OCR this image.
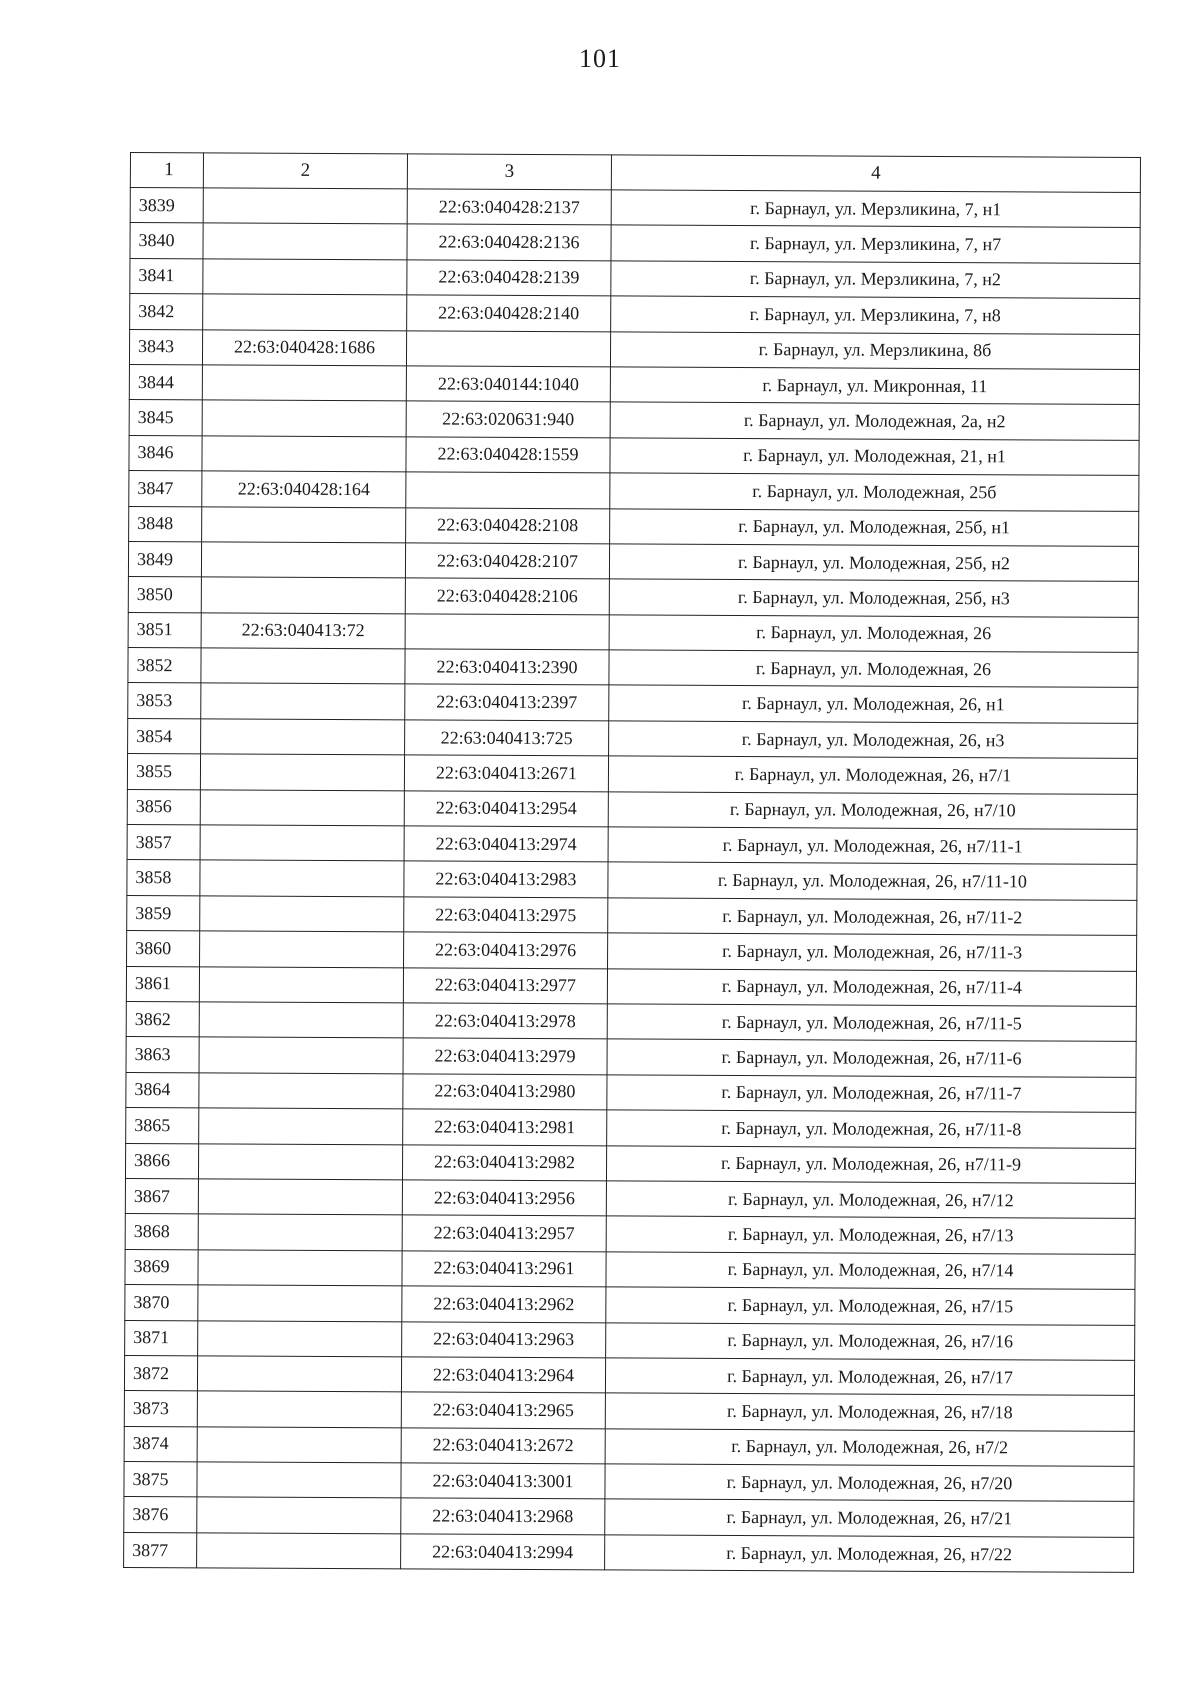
101
1	2	3	4
3839		22:63:040428:2137	г. Барнаул, ул. Мерзликина, 7, н1
3840		22:63:040428:2136	г. Барнаул, ул. Мерзликина, 7, н7
3841		22:63:040428:2139	г. Барнаул, ул. Мерзликина, 7, н2
3842		22:63:040428:2140	г. Барнаул, ул. Мерзликина, 7, н8
3843	22:63:040428:1686		г. Барнаул, ул. Мерзликина, 8б
3844		22:63:040144:1040	г. Барнаул, ул. Микронная, 11
3845		22:63:020631:940	г. Барнаул, ул. Молодежная, 2а, н2
3846		22:63:040428:1559	г. Барнаул, ул. Молодежная, 21, н1
3847	22:63:040428:164		г. Барнаул, ул. Молодежная, 25б
3848		22:63:040428:2108	г. Барнаул, ул. Молодежная, 25б, н1
3849		22:63:040428:2107	г. Барнаул, ул. Молодежная, 25б, н2
3850		22:63:040428:2106	г. Барнаул, ул. Молодежная, 25б, н3
3851	22:63:040413:72		г. Барнаул, ул. Молодежная, 26
3852		22:63:040413:2390	г. Барнаул, ул. Молодежная, 26
3853		22:63:040413:2397	г. Барнаул, ул. Молодежная, 26, н1
3854		22:63:040413:725	г. Барнаул, ул. Молодежная, 26, н3
3855		22:63:040413:2671	г. Барнаул, ул. Молодежная, 26, н7/1
3856		22:63:040413:2954	г. Барнаул, ул. Молодежная, 26, н7/10
3857		22:63:040413:2974	г. Барнаул, ул. Молодежная, 26, н7/11-1
3858		22:63:040413:2983	г. Барнаул, ул. Молодежная, 26, н7/11-10
3859		22:63:040413:2975	г. Барнаул, ул. Молодежная, 26, н7/11-2
3860		22:63:040413:2976	г. Барнаул, ул. Молодежная, 26, н7/11-3
3861		22:63:040413:2977	г. Барнаул, ул. Молодежная, 26, н7/11-4
3862		22:63:040413:2978	г. Барнаул, ул. Молодежная, 26, н7/11-5
3863		22:63:040413:2979	г. Барнаул, ул. Молодежная, 26, н7/11-6
3864		22:63:040413:2980	г. Барнаул, ул. Молодежная, 26, н7/11-7
3865		22:63:040413:2981	г. Барнаул, ул. Молодежная, 26, н7/11-8
3866		22:63:040413:2982	г. Барнаул, ул. Молодежная, 26, н7/11-9
3867		22:63:040413:2956	г. Барнаул, ул. Молодежная, 26, н7/12
3868		22:63:040413:2957	г. Барнаул, ул. Молодежная, 26, н7/13
3869		22:63:040413:2961	г. Барнаул, ул. Молодежная, 26, н7/14
3870		22:63:040413:2962	г. Барнаул, ул. Молодежная, 26, н7/15
3871		22:63:040413:2963	г. Барнаул, ул. Молодежная, 26, н7/16
3872		22:63:040413:2964	г. Барнаул, ул. Молодежная, 26, н7/17
3873		22:63:040413:2965	г. Барнаул, ул. Молодежная, 26, н7/18
3874		22:63:040413:2672	г. Барнаул, ул. Молодежная, 26, н7/2
3875		22:63:040413:3001	г. Барнаул, ул. Молодежная, 26, н7/20
3876		22:63:040413:2968	г. Барнаул, ул. Молодежная, 26, н7/21
3877		22:63:040413:2994	г. Барнаул, ул. Молодежная, 26, н7/22
